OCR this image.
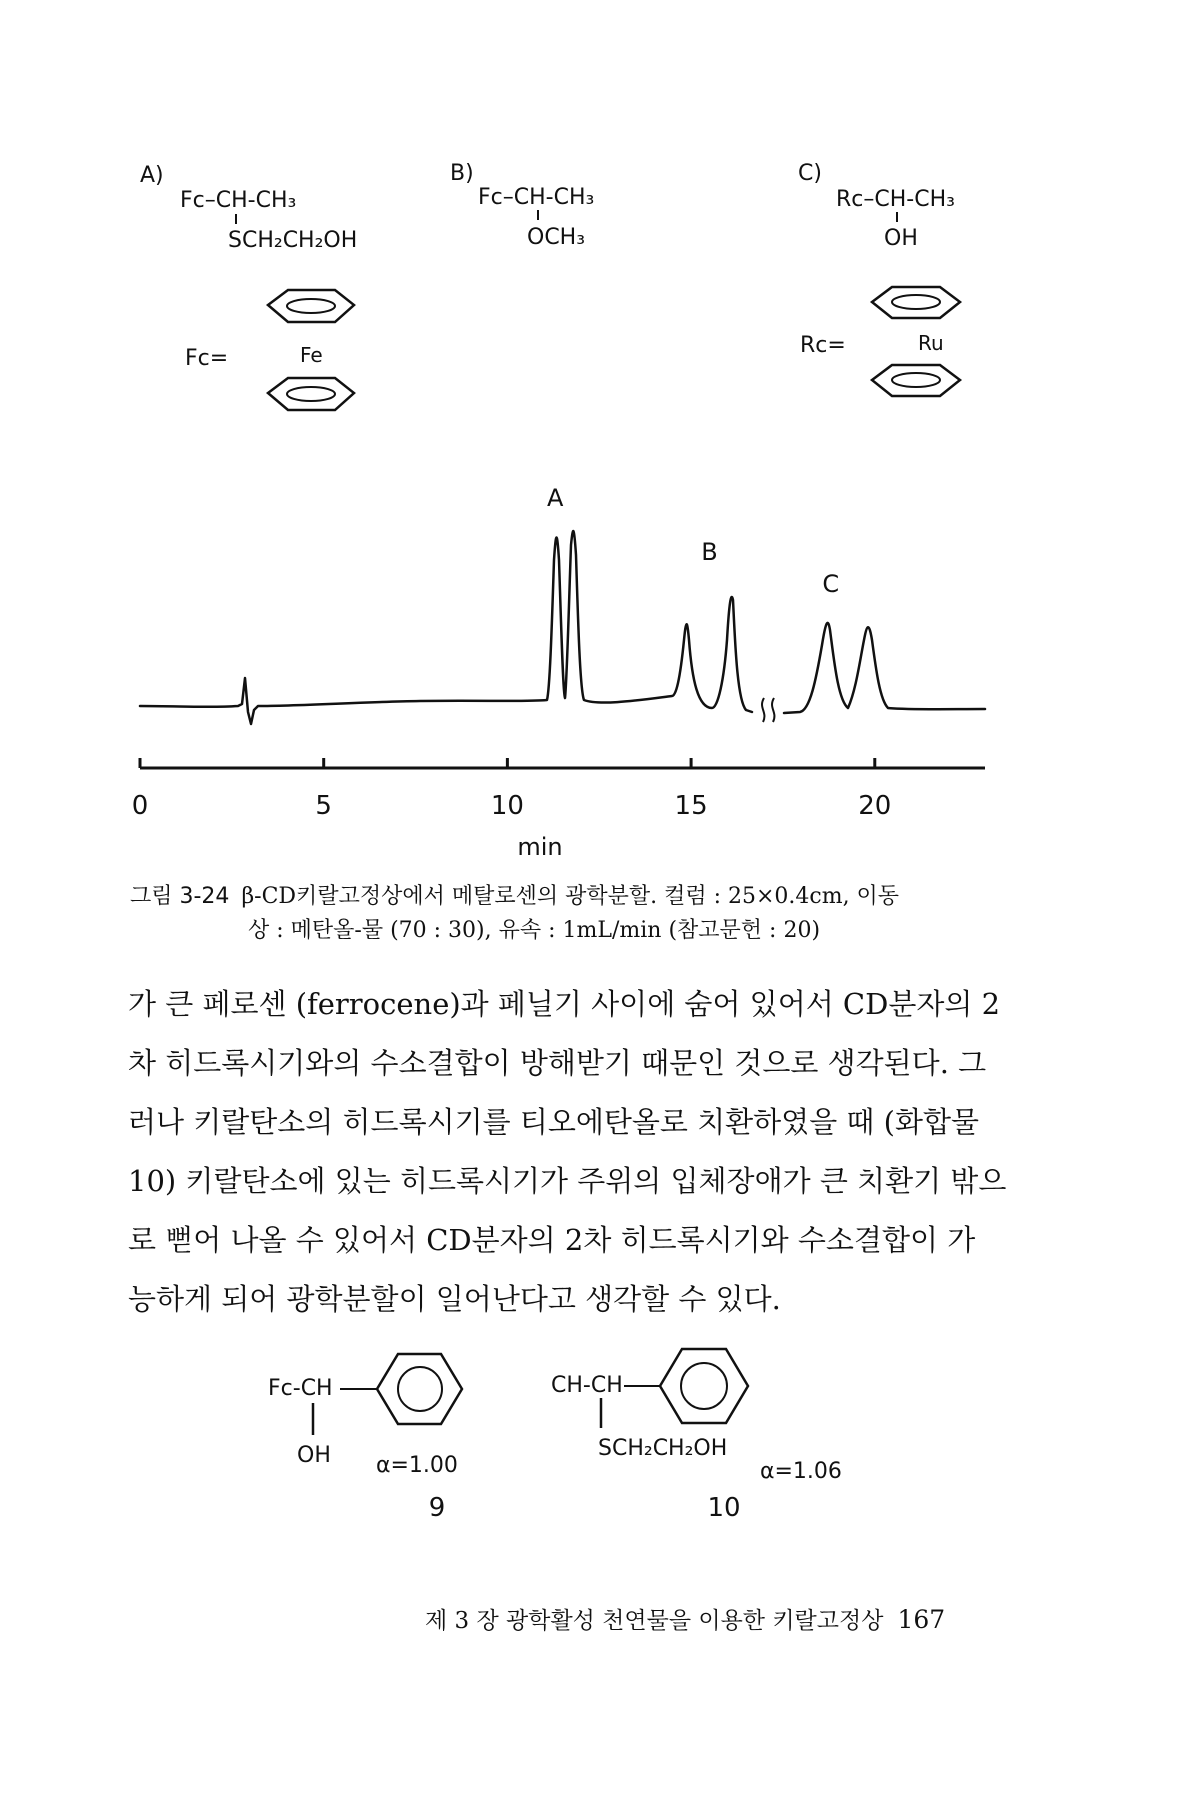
A)
Fc–CH-CH₃
SCH₂CH₂OH
Fc=	Fe
B)
Fc–CH-CH₃
OCH₃
C)
Rc–CH-CH₃
OH
Rc=	Ru
0	5	10	15	20
min
A
B
C
Fc-CH
OH α=1.00
9
CH-CH
SCH₂CH₂OH
α=1.06
10
그림 3-24 β-CD키랄고정상에서 메탈로센의 광학분할. 컬럼 : 25×0.4cm, 이동
상 : 메탄올-물 (70 : 30), 유속 : 1mL/min (참고문헌 : 20)
가 큰 페로센 (ferrocene)과 페닐기 사이에 숨어 있어서 CD분자의 2
차 히드록시기와의 수소결합이 방해받기 때문인 것으로 생각된다. 그
러나 키랄탄소의 히드록시기를 티오에탄올로 치환하였을 때 (화합물
10) 키랄탄소에 있는 히드록시기가 주위의 입체장애가 큰 치환기 밖으
로 뻗어 나올 수 있어서 CD분자의 2차 히드록시기와 수소결합이 가
능하게 되어 광학분할이 일어난다고 생각할 수 있다.
제 3 장 광학활성 천연물을 이용한 키랄고정상 167
